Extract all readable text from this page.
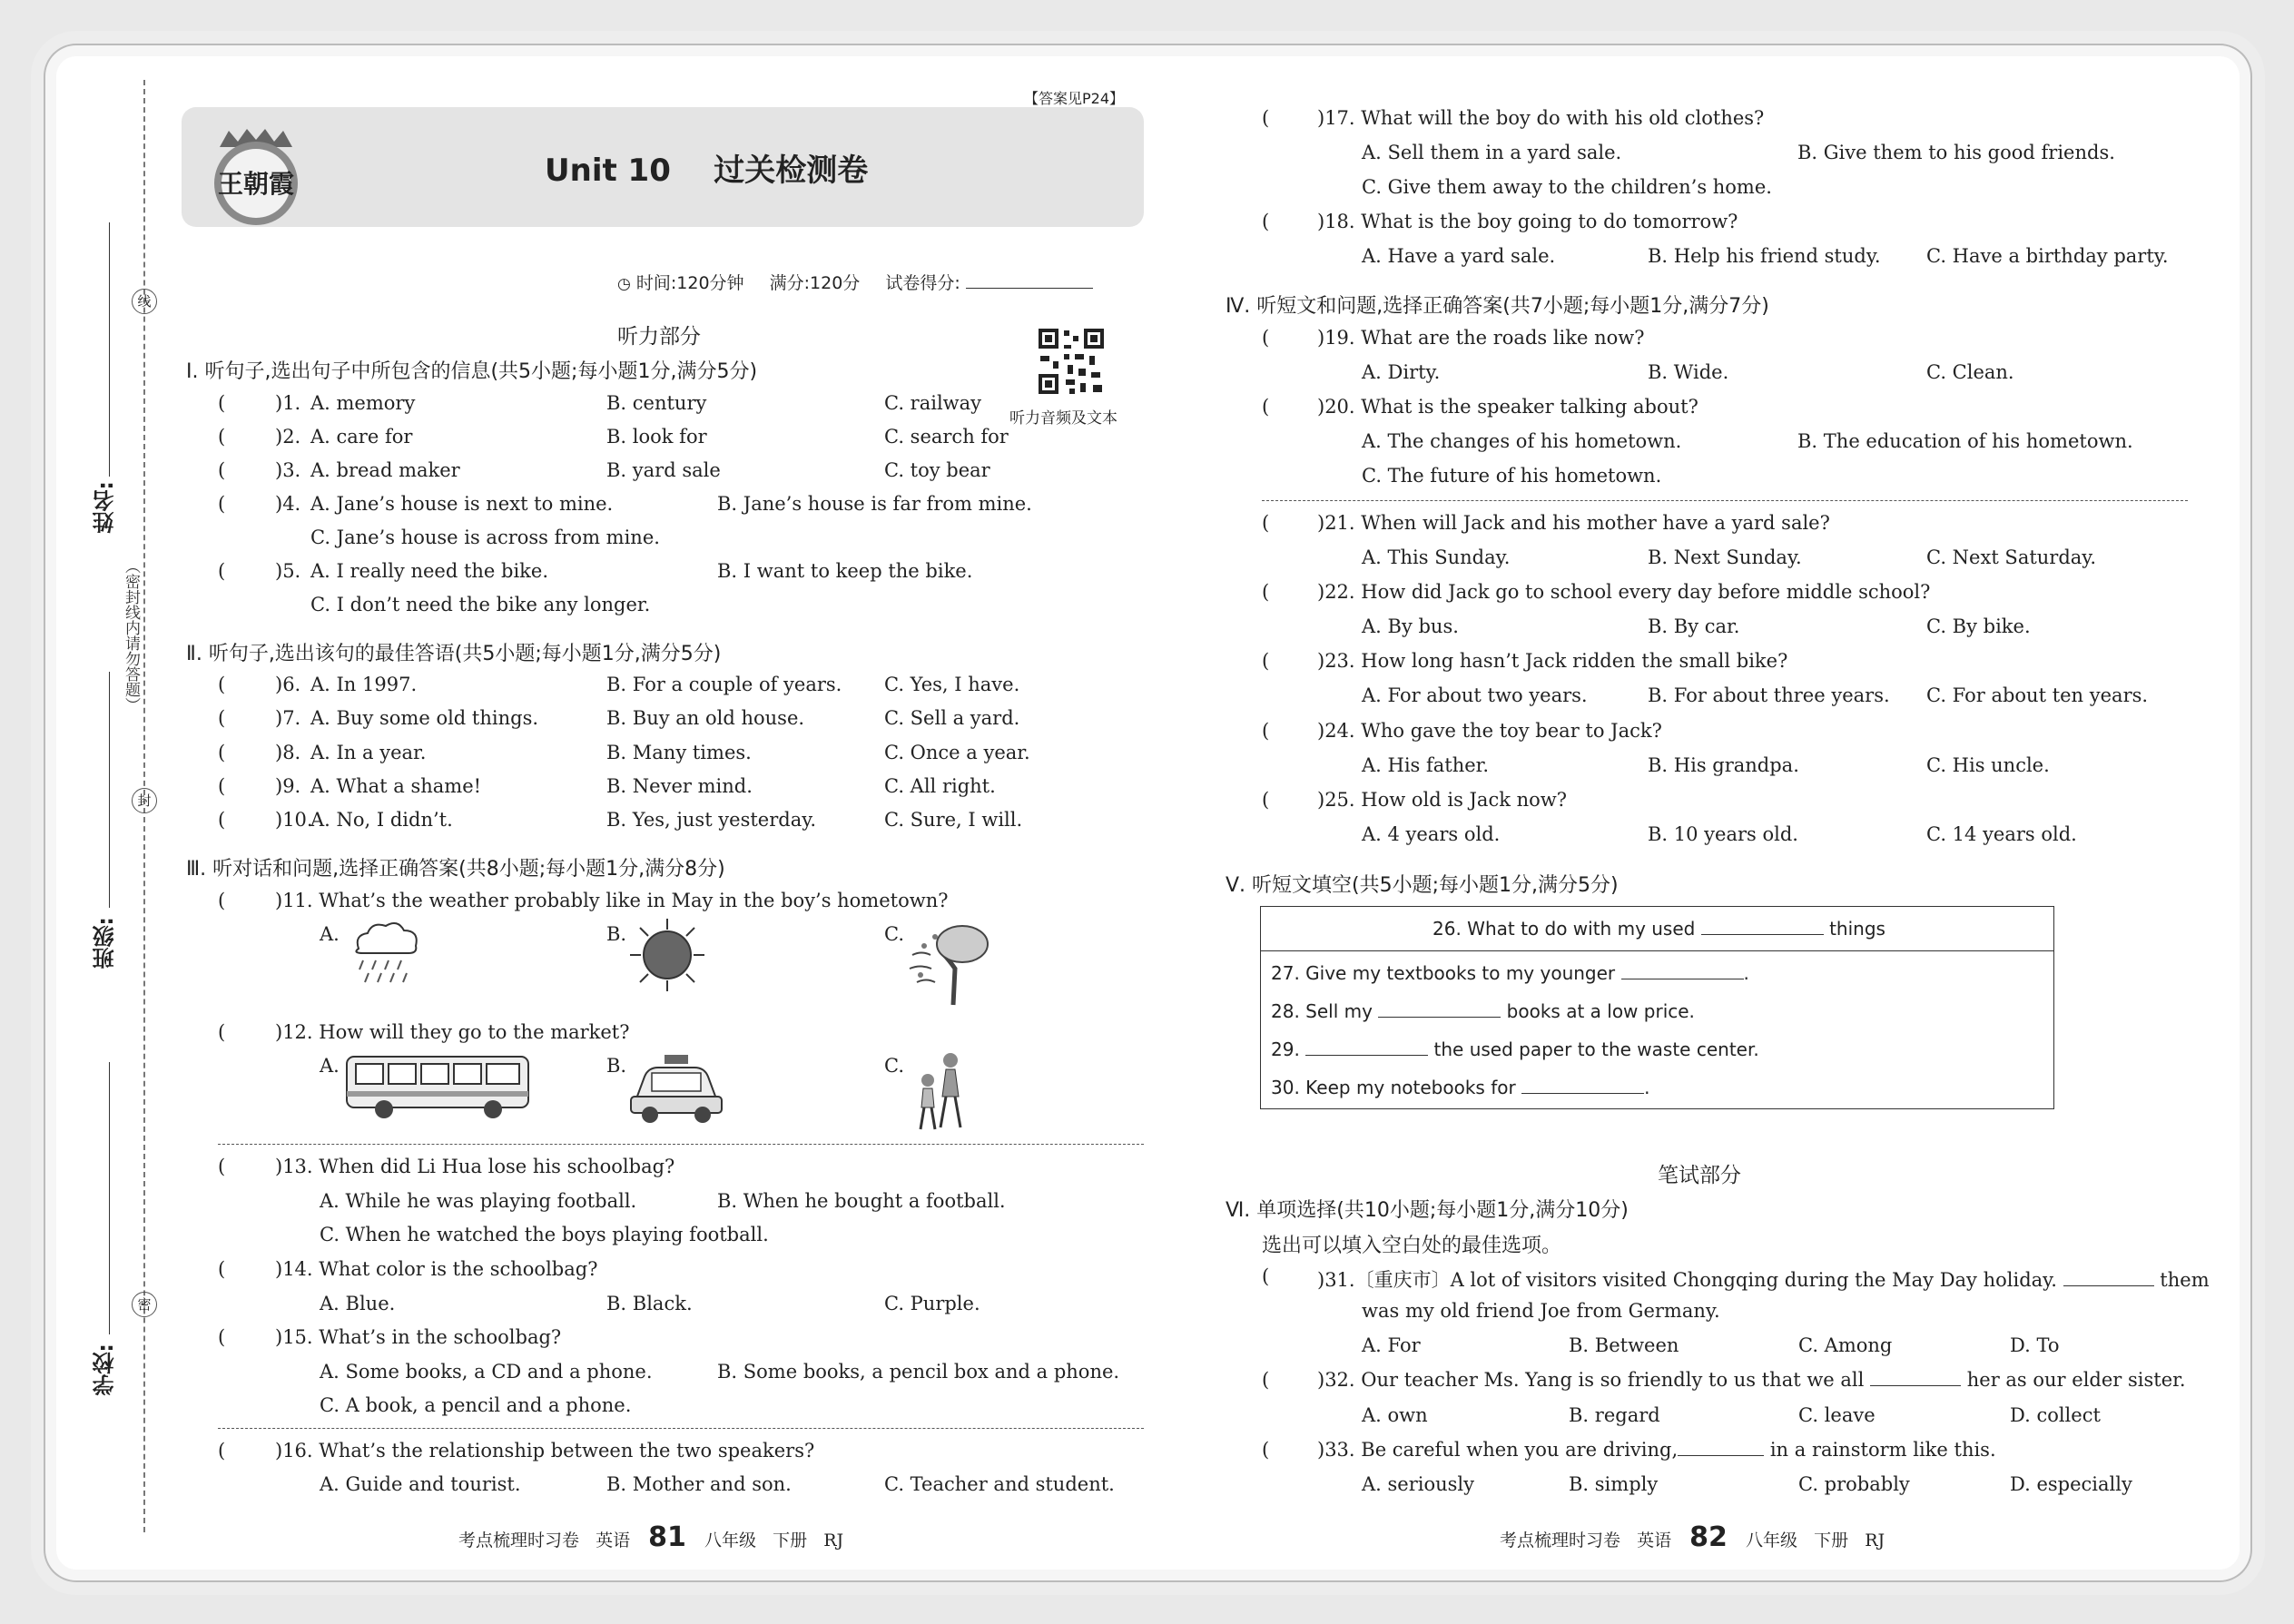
线
封
密
（密封线内请勿答题）
姓名:
班级:
学校:
王朝霞
【答案见P24】
Unit 10    过关检测卷
◷ 时间:120分钟 满分:120分 试卷得分:
听力部分
听力音频及文本
Ⅰ. 听句子,选出句子中所包含的信息(共5小题;每小题1分,满分5分)
(	)1. A. memory	B. century	C. railway
(	)2. A. care for	B. look for	C. search for
(	)3. A. bread maker	B. yard sale	C. toy bear
(	)4. A. Jane’s house is next to mine.	B. Jane’s house is far from mine.
C. Jane’s house is across from mine.
(	)5. A. I really need the bike.	B. I want to keep the bike.
C. I don’t need the bike any longer.
Ⅱ. 听句子,选出该句的最佳答语(共5小题;每小题1分,满分5分)
(	)6. A. In 1997.	B. For a couple of years. C. Yes, I have.
(	)7. A. Buy some old things.	B. Buy an old house.	C. Sell a yard.
(	)8. A. In a year.	B. Many times.	C. Once a year.
(	)9. A. What a shame!	B. Never mind.	C. All right.
(	)10.
A. No, I didn’t.	B. Yes, just yesterday.	C. Sure, I will.
Ⅲ. 听对话和问题,选择正确答案(共8小题;每小题1分,满分8分)
(	)11. What’s the weather probably like in May in the boy’s hometown?
A.	B.	C.
(	)12. How will they go to the market?
A.	B.	C.
(	)13. When did Li Hua lose his schoolbag?
A. While he was playing football.	B. When he bought a football.
C. When he watched the boys playing football.
(	)14. What color is the schoolbag?
A. Blue.	B. Black.	C. Purple.
(	)15. What’s in the schoolbag?
A. Some books, a CD and a phone.	B. Some books, a pencil box and a phone.
C. A book, a pencil and a phone.
(	)16. What’s the relationship between the two speakers?
A. Guide and tourist.	B. Mother and son.	C. Teacher and student.
考点梳理时习卷   英语 81 八年级   下册   RJ
(	)17. What will the boy do with his old clothes?
A. Sell them in a yard sale.	B. Give them to his good friends.
C. Give them away to the children’s home.
(	)18. What is the boy going to do tomorrow?
A. Have a yard sale.	B. Help his friend study. C. Have a birthday party.
Ⅳ. 听短文和问题,选择正确答案(共7小题;每小题1分,满分7分)
(	)19. What are the roads like now?
A. Dirty.	B. Wide.	C. Clean.
(	)20. What is the speaker talking about?
A. The changes of his hometown.	B. The education of his hometown.
C. The future of his hometown.
(	)21. When will Jack and his mother have a yard sale?
A. This Sunday.	B. Next Sunday.	C. Next Saturday.
(	)22. How did Jack go to school every day before middle school?
A. By bus.	B. By car.	C. By bike.
(	)23. How long hasn’t Jack ridden the small bike?
A. For about two years.	B. For about three years. C. For about ten years.
(	)24. Who gave the toy bear to Jack?
A. His father.	B. His grandpa.	C. His uncle.
(	)25. How old is Jack now?
A. 4 years old.	B. 10 years old.	C. 14 years old.
Ⅴ. 听短文填空(共5小题;每小题1分,满分5分)
26. What to do with my used	things
27. Give my textbooks to my younger	.
28. Sell my	books at a low price.
29.	the used paper to the waste center.
30. Keep my notebooks for	.
笔试部分
Ⅵ. 单项选择(共10小题;每小题1分,满分10分)
选出可以填入空白处的最佳选项。
(	)31.〔重庆市〕A lot of visitors visited Chongqing during the May Day holiday.	them
was my old friend Joe from Germany.
A. For	B. Between	C. Among	D. To
(	)32. Our teacher Ms. Yang is so friendly to us that we all	her as our elder sister.
A. own	B. regard	C. leave	D. collect
(	)33. Be careful when you are driving,	in a rainstorm like this.
A. seriously	B. simply	C. probably	D. especially
考点梳理时习卷   英语 82 八年级   下册   RJ
